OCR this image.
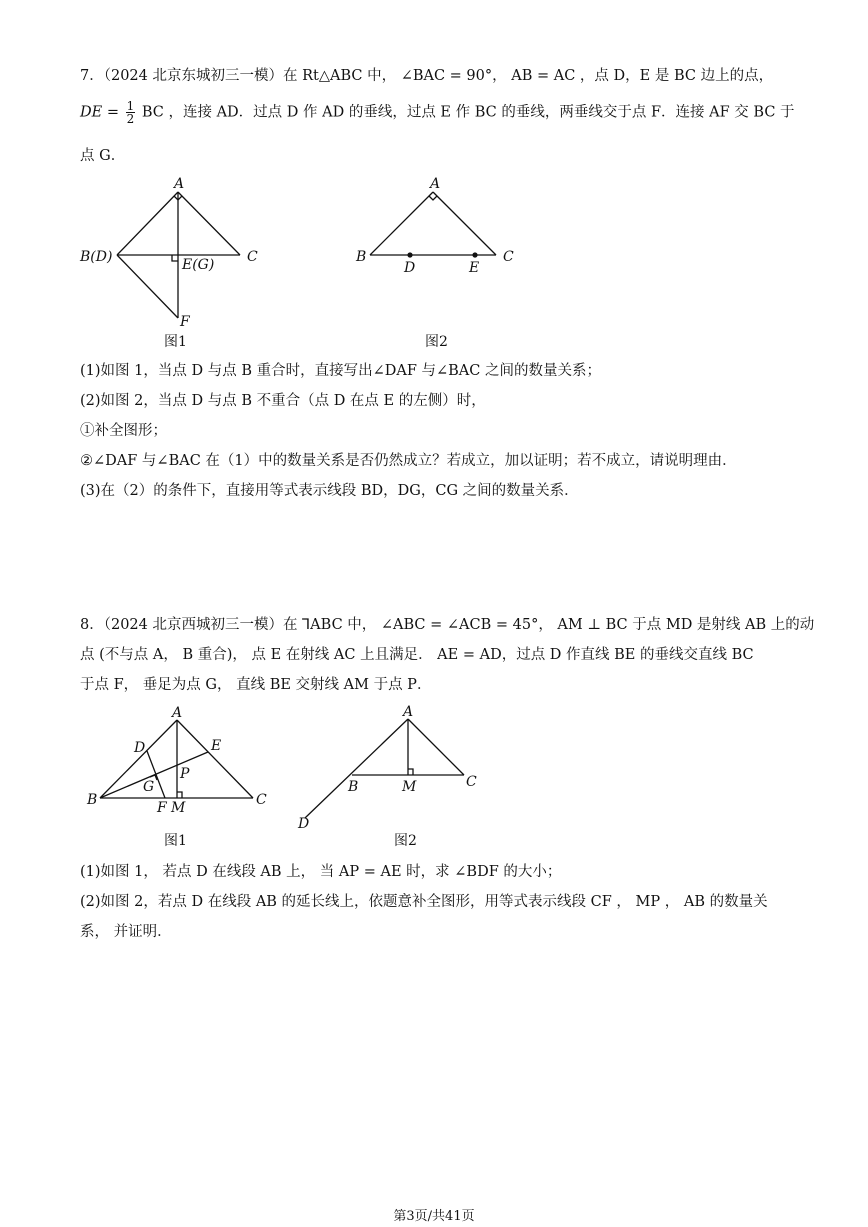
7．（2024 北京东城初三一模）在 Rt△ABC 中， ∠BAC = 90°， AB = AC ，点 D，E 是 BC 边上的点，
DE = $\frac{1}{2}$ BC ，连接 AD．过点 D 作 AD 的垂线，过点 E 作 BC 的垂线，两垂线交于点 F．连接 AF 交 BC 于
点 G．
A
B(D)	E(G) C
F
图1
A
B
D	E
C
图2
(1)如图 1，当点 D 与点 B 重合时，直接写出∠DAF 与∠BAC 之间的数量关系；
(2)如图 2，当点 D 与点 B 不重合（点 D 在点 E 的左侧）时，
①补全图形；
②∠DAF 与∠BAC 在（1）中的数量关系是否仍然成立？若成立，加以证明；若不成立，请说明理由．
(3)在（2）的条件下，直接用等式表示线段 BD，DG，CG 之间的数量关系．
8．（2024 北京西城初三一模）在 ⅂ABC 中， ∠ABC = ∠ACB = 45°， AM ⊥ BC 于点 MD 是射线 AB 上的动
点 (不与点 A， B 重合)， 点 E 在射线 AC 上且满足． AE = AD，过点 D 作直线 BE 的垂线交直线 BC
于点 F， 垂足为点 G， 直线 BE 交射线 AM 于点 P．
A
D	E
P
G
B	F M	C
图1
A
B	M	C
D
图2
(1)如图 1， 若点 D 在线段 AB 上， 当 AP = AE 时，求 ∠BDF 的大小；
(2)如图 2，若点 D 在线段 AB 的延长线上，依题意补全图形，用等式表示线段 CF ， MP ， AB 的数量关
系， 并证明．
第3页/共41页
